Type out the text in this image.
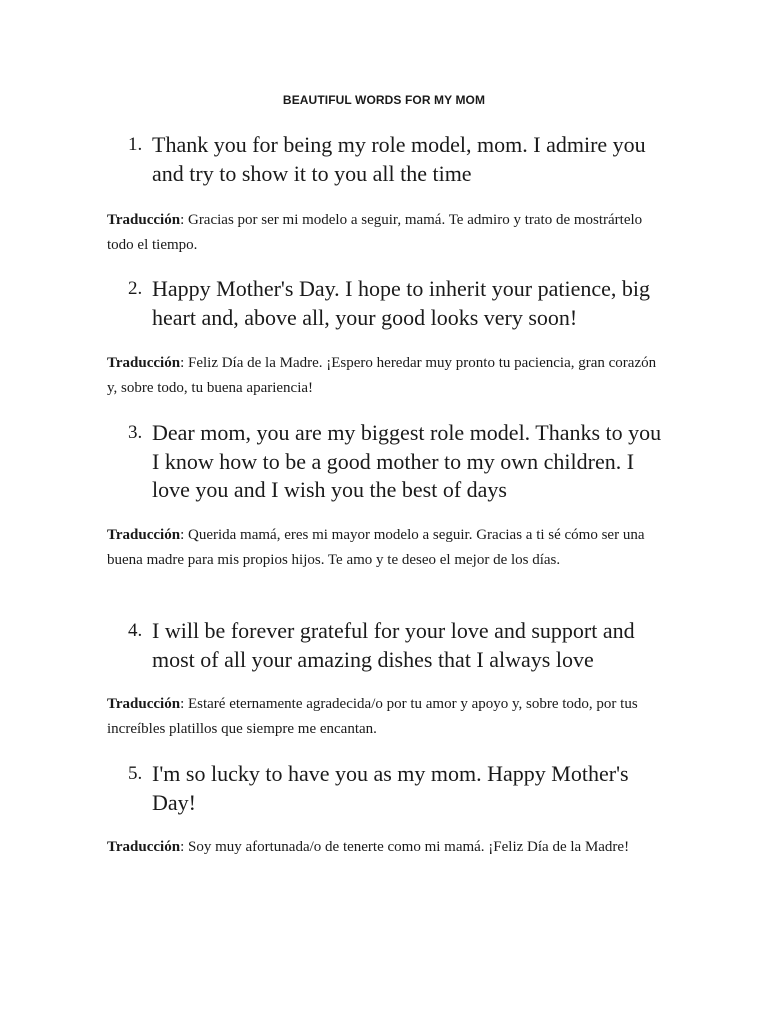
BEAUTIFUL WORDS FOR MY MOM
1. Thank you for being my role model, mom. I admire you and try to show it to you all the time

Traducción: Gracias por ser mi modelo a seguir, mamá. Te admiro y trato de mostrártelo todo el tiempo.

2. Happy Mother's Day. I hope to inherit your patience, big heart and, above all, your good looks very soon!

Traducción: Feliz Día de la Madre. ¡Espero heredar muy pronto tu paciencia, gran corazón y, sobre todo, tu buena apariencia!

3. Dear mom, you are my biggest role model. Thanks to you I know how to be a good mother to my own children. I love you and I wish you the best of days

Traducción: Querida mamá, eres mi mayor modelo a seguir. Gracias a ti sé cómo ser una buena madre para mis propios hijos. Te amo y te deseo el mejor de los días.

4. I will be forever grateful for your love and support and most of all your amazing dishes that I always love

Traducción: Estaré eternamente agradecida/o por tu amor y apoyo y, sobre todo, por tus increíbles platillos que siempre me encantan.

5. I'm so lucky to have you as my mom. Happy Mother's Day!

Traducción: Soy muy afortunada/o de tenerte como mi mamá. ¡Feliz Día de la Madre!
